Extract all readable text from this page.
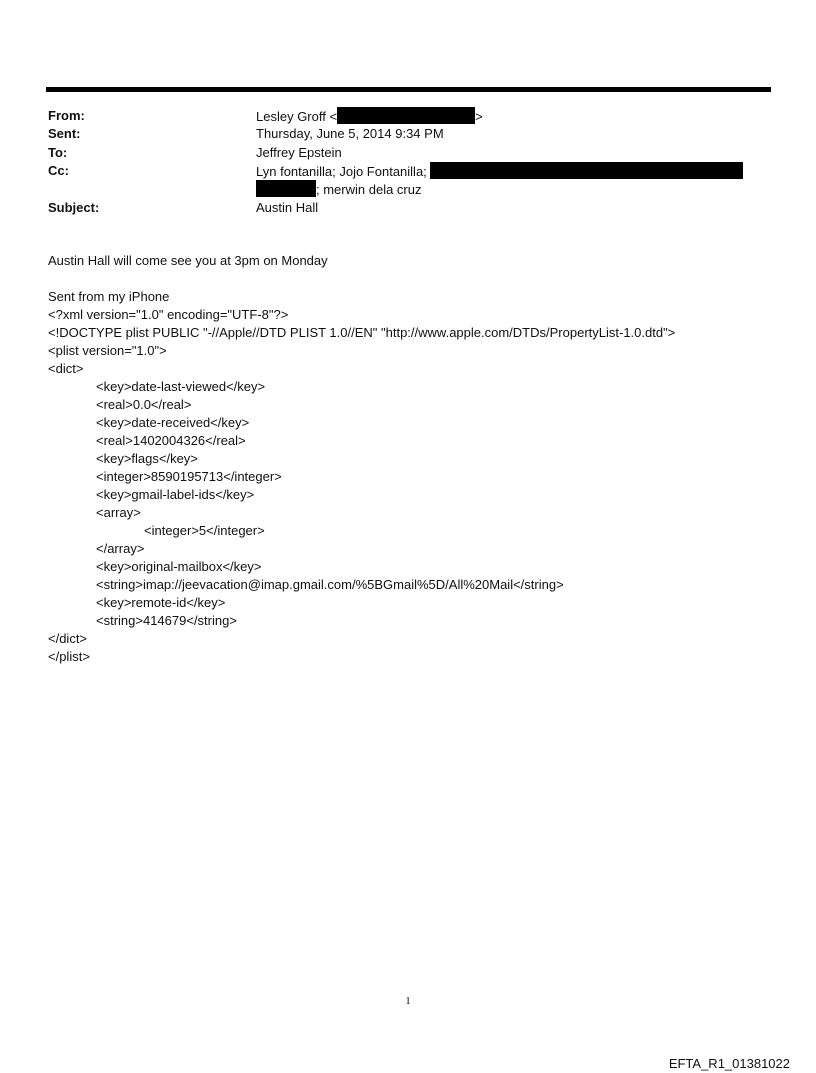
From:	Lesley Groff <	>
Sent:	Thursday, June 5, 2014 9:34 PM
To:	Jeffrey Epstein
Cc:	Lyn fontanilla; Jojo Fontanilla;
; merwin dela cruz
Subject:	Austin Hall
Austin Hall will come see you at 3pm on Monday
Sent from my iPhone
<?xml version="1.0" encoding="UTF-8"?>
<!DOCTYPE plist PUBLIC "-//Apple//DTD PLIST 1.0//EN" "http://www.apple.com/DTDs/PropertyList-1.0.dtd">
<plist version="1.0">
<dict>
<key>date-last-viewed</key>
<real>0.0</real>
<key>date-received</key>
<real>1402004326</real>
<key>flags</key>
<integer>8590195713</integer>
<key>gmail-label-ids</key>
<array>
<integer>5</integer>
</array>
<key>original-mailbox</key>
<string>imap://jeevacation@imap.gmail.com/%5BGmail%5D/All%20Mail</string>
<key>remote-id</key>
<string>414679</string>
</dict>
</plist>
1
EFTA_R1_01381022
